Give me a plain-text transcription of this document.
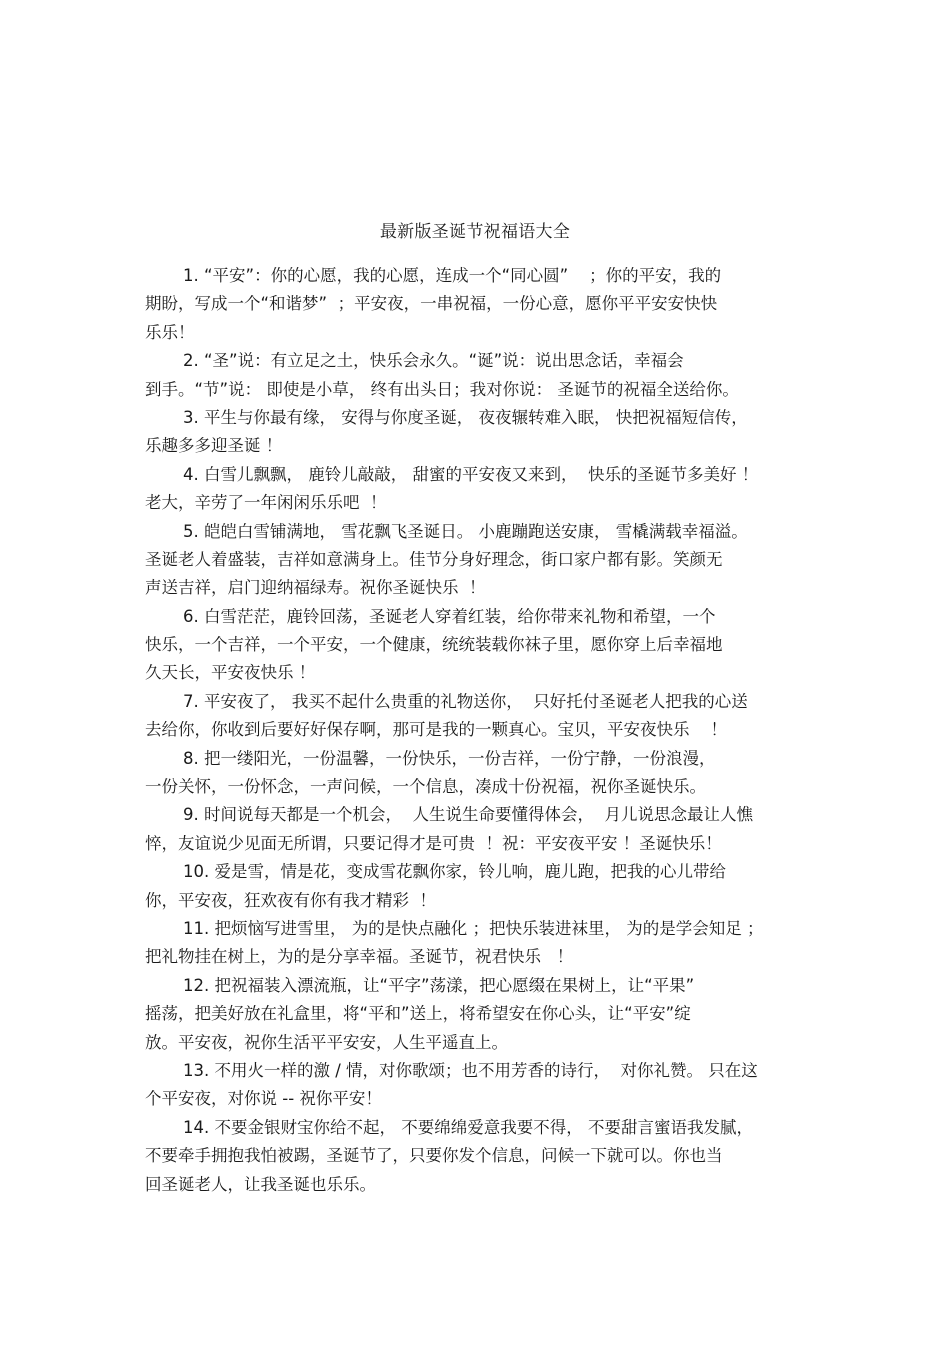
最新版圣诞节祝福语大全
1. “平安”：你的心愿，我的心愿，连成一个“同心圆”    ；你的平安，我的
期盼，写成一个“和谐梦”  ；平安夜，一串祝福，一份心意，愿你平平安安快快
乐乐！
2. “圣”说：有立足之土，快乐会永久。“诞”说：说出思念话，幸福会
到手。“节”说： 即使是小草， 终有出头日；我对你说： 圣诞节的祝福全送给你。
3. 平生与你最有缘， 安得与你度圣诞， 夜夜辗转难入眠， 快把祝福短信传，
乐趣多多迎圣诞 ！
4. 白雪儿飘飘， 鹿铃儿敲敲， 甜蜜的平安夜又来到，  快乐的圣诞节多美好 ！
老大，辛劳了一年闲闲乐乐吧  ！
5. 皑皑白雪铺满地， 雪花飘飞圣诞日。 小鹿蹦跑送安康， 雪橇满载幸福溢。
圣诞老人着盛装，吉祥如意满身上。佳节分身好理念，街口家户都有影。笑颜无
声送吉祥，启门迎纳福绿寿。祝你圣诞快乐  ！
6. 白雪茫茫，鹿铃回荡，圣诞老人穿着红装，给你带来礼物和希望，一个
快乐，一个吉祥，一个平安，一个健康，统统装载你袜子里，愿你穿上后幸福地
久天长，平安夜快乐 ！
7. 平安夜了， 我买不起什么贵重的礼物送你，  只好托付圣诞老人把我的心送
去给你，你收到后要好好保存啊，那可是我的一颗真心。宝贝，平安夜快乐    ！
8. 把一缕阳光，一份温馨，一份快乐，一份吉祥，一份宁静，一份浪漫，
一份关怀，一份怀念，一声问候，一个信息，凑成十份祝福，祝你圣诞快乐。
9. 时间说每天都是一个机会，  人生说生命要懂得体会，  月儿说思念最让人憔
悴，友谊说少见面无所谓，只要记得才是可贵  ！祝：平安夜平安 ！圣诞快乐！
10. 爱是雪，情是花，变成雪花飘你家，铃儿响，鹿儿跑，把我的心儿带给
你，平安夜，狂欢夜有你有我才精彩  ！
11. 把烦恼写进雪里， 为的是快点融化 ；把快乐装进袜里， 为的是学会知足 ；
把礼物挂在树上，为的是分享幸福。圣诞节，祝君快乐   ！
12. 把祝福装入漂流瓶，让“平字”荡漾，把心愿缀在果树上，让“平果”
摇荡，把美好放在礼盒里，将“平和”送上，将希望安在你心头，让“平安”绽
放。平安夜，祝你生活平平安安，人生平遥直上。
13. 不用火一样的激 / 情，对你歌颂；也不用芳香的诗行，  对你礼赞。 只在这
个平安夜，对你说 -- 祝你平安！
14. 不要金银财宝你给不起， 不要绵绵爱意我要不得， 不要甜言蜜语我发腻，
不要牵手拥抱我怕被踢，圣诞节了，只要你发个信息，问候一下就可以。你也当
回圣诞老人，让我圣诞也乐乐。
